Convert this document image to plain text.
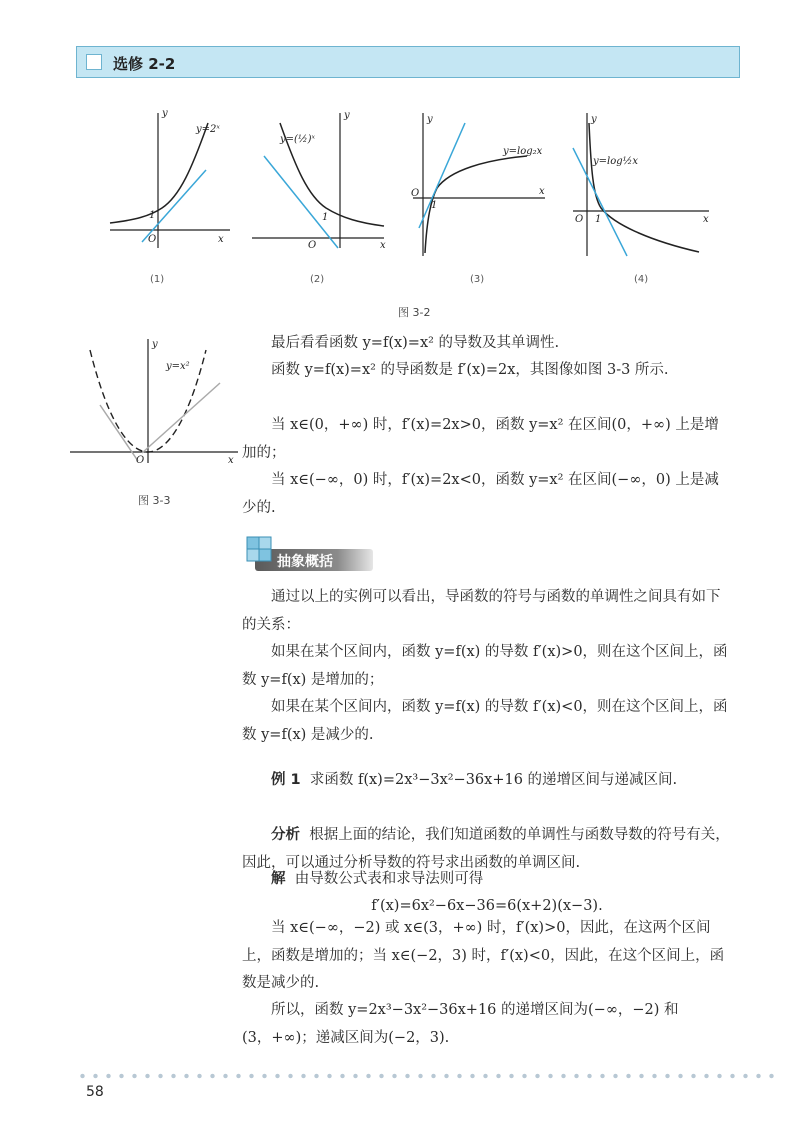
选修 2-2
y=2ˣ
y
x
O
1
(1)
y=(½)ˣ
y
x
O
1
(2)
y=log₂x
y
x
O
1
(3)
y=log½x
y
x
O 1
(4)
图 3-2
y=x²
y
x
O
图 3-3

最后看看函数 y=f(x)=x² 的导数及其单调性.

函数 y=f(x)=x² 的导函数是 f′(x)=2x，其图像如图 3-3 所示.

当 x∈(0，+∞) 时，f′(x)=2x>0，函数 y=x² 在区间(0，+∞) 上是增加的；

当 x∈(−∞，0) 时，f′(x)=2x<0，函数 y=x² 在区间(−∞，0) 上是减少的.

抽象概括

通过以上的实例可以看出，导函数的符号与函数的单调性之间具有如下的关系：

如果在某个区间内，函数 y=f(x) 的导数 f′(x)>0，则在这个区间上，函数 y=f(x) 是增加的；

如果在某个区间内，函数 y=f(x) 的导数 f′(x)<0，则在这个区间上，函数 y=f(x) 是减少的.

例 1 求函数 f(x)=2x³−3x²−36x+16 的递增区间与递减区间.

分析 根据上面的结论，我们知道函数的单调性与函数导数的符号有关，因此，可以通过分析导数的符号求出函数的单调区间.

解 由导数公式表和求导法则可得

f′(x)=6x²−6x−36=6(x+2)(x−3).

当 x∈(−∞，−2) 或 x∈(3，+∞) 时，f′(x)>0，因此，在这两个区间上，函数是增加的；当 x∈(−2，3) 时，f′(x)<0，因此，在这个区间上，函数是减少的.

所以，函数 y=2x³−3x²−36x+16 的递增区间为(−∞，−2) 和 (3，+∞)；递减区间为(−2，3).

58
